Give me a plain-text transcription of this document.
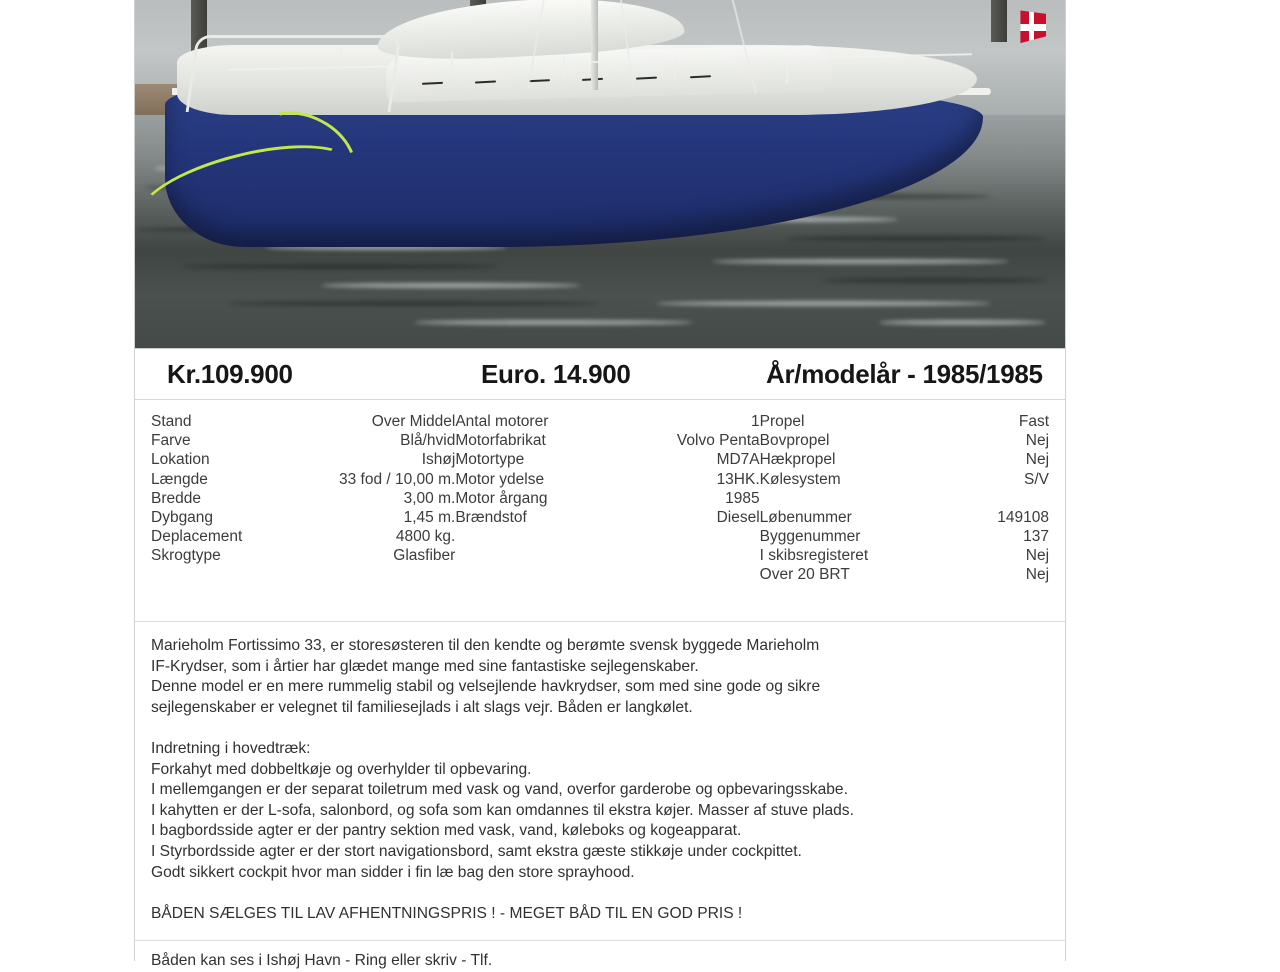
Kr.109.900	Euro. 14.900	År/modelår - 1985/1985
Stand	Over Middel
Farve	Blå/hvid
Lokation	Ishøj
Længde	33 fod / 10,00 m.
Bredde	3,00 m.
Dybgang	1,45 m.
Deplacement	4800 kg.
Skrogtype	Glasfiber
Antal motorer	1
Motorfabrikat	Volvo Penta
Motortype	MD7A
Motor ydelse	13HK.
Motor årgang	1985
Brændstof	Diesel
Propel	Fast
Bovpropel	Nej
Hækpropel	Nej
Kølesystem	S/V
Løbenummer	149108
Byggenummer	137
I skibsregisteret	Nej
Over 20 BRT	Nej
Marieholm Fortissimo 33, er storesøsteren til den kendte og berømte svensk byggede Marieholm
IF-Krydser, som i årtier har glædet mange med sine fantastiske sejlegenskaber.
Denne model er en mere rummelig stabil og velsejlende havkrydser, som med sine gode og sikre
sejlegenskaber er velegnet til familiesejlads i alt slags vejr. Båden er langkølet.
Indretning i hovedtræk:
Forkahyt med dobbeltkøje og overhylder til opbevaring.
I mellemgangen er der separat toiletrum med vask og vand, overfor garderobe og opbevaringsskabe.
I kahytten er der L-sofa, salonbord, og sofa som kan omdannes til ekstra køjer. Masser af stuve plads.
I bagbordsside agter er der pantry sektion med vask, vand, køleboks og kogeapparat.
I Styrbordsside agter er der stort navigationsbord, samt ekstra gæste stikkøje under cockpittet.
Godt sikkert cockpit hvor man sidder i fin læ bag den store sprayhood.
BÅDEN SÆLGES TIL LAV AFHENTNINGSPRIS ! - MEGET BÅD TIL EN GOD PRIS !
Båden kan ses i Ishøj Havn - Ring eller skriv - Tlf.
